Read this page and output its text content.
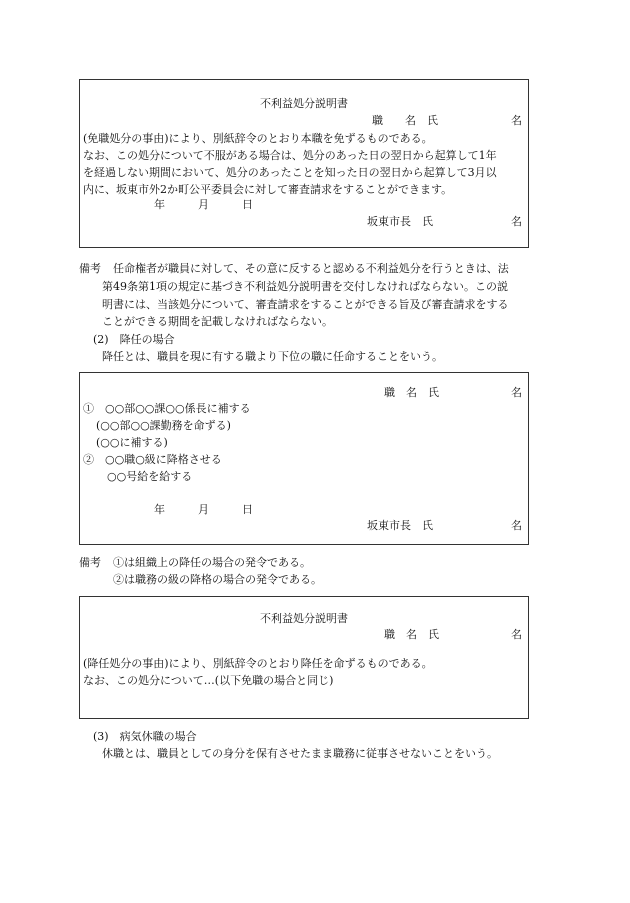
不利益処分説明書
職　　名　氏	名
(免職処分の事由)により、別紙辞令のとおり本職を免ずるものである。
なお、この処分について不服がある場合は、処分のあった日の翌日から起算して1年
を経過しない期間において、処分のあったことを知った日の翌日から起算して3月以
内に、坂東市外2か町公平委員会に対して審査請求をすることができます。
年　　　月　　　日
坂東市長　氏	名
備考 任命権者が職員に対して、その意に反すると認める不利益処分を行うときは、法
第49条第1項の規定に基づき不利益処分説明書を交付しなければならない。この説
明書には、当該処分について、審査請求をすることができる旨及び審査請求をする
ことができる期間を記載しなければならない。
(2)　降任の場合
降任とは、職員を現に有する職より下位の職に任命することをいう。
職　名　氏	名
①　○○部○○課○○係長に補する
(○○部○○課勤務を命ずる)
(○○に補する)
②　○○職○級に降格させる
○○号給を給する
年　　　月　　　日
坂東市長　氏	名
備考 ①は組織上の降任の場合の発令である。
②は職務の級の降格の場合の発令である。
不利益処分説明書
職　名　氏	名
(降任処分の事由)により、別紙辞令のとおり降任を命ずるものである。
なお、この処分について…(以下免職の場合と同じ)
(3)　病気休職の場合
休職とは、職員としての身分を保有させたまま職務に従事させないことをいう。
